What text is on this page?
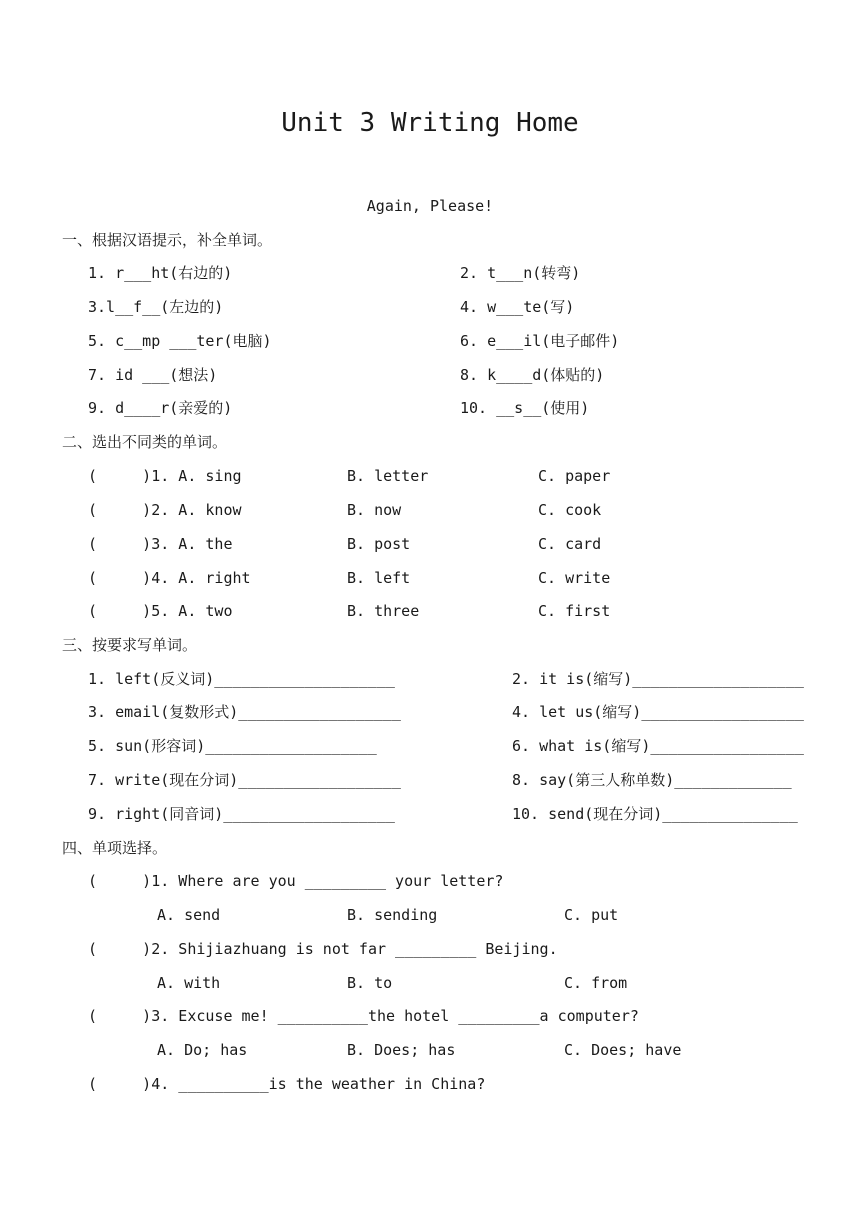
Unit 3 Writing Home
Again, Please!
一、根据汉语提示，补全单词。
1. r___ht(右边的)	2. t___n(转弯)
3.l__f__(左边的)	4. w___te(写)
5. c__mp ___ter(电脑)	6. e___il(电子邮件)
7. id ___(想法)	8. k____d(体贴的)
9. d____r(亲爱的)	10. __s__(使用)
二、选出不同类的单词。
(     )1. A. sing	B. letter	C. paper
(     )2. A. know	B. now	C. cook
(     )3. A. the	B. post	C. card
(     )4. A. right	B. left	C. write
(     )5. A. two	B. three	C. first
三、按要求写单词。
1. left(反义词)____________________	2. it is(缩写)___________________
3. email(复数形式)__________________	4. let us(缩写)__________________
5. sun(形容词)___________________	6. what is(缩写)_________________
7. write(现在分词)__________________	8. say(第三人称单数)_____________
9. right(同音词)___________________	10. send(现在分词)_______________
四、单项选择。
(     )1. Where are you _________ your letter?
A. send	B. sending	C. put
(     )2. Shijiazhuang is not far _________ Beijing.
A. with	B. to	C. from
(     )3. Excuse me! __________the hotel _________a computer?
A. Do; has	B. Does; has	C. Does; have
(     )4. __________is the weather in China?
